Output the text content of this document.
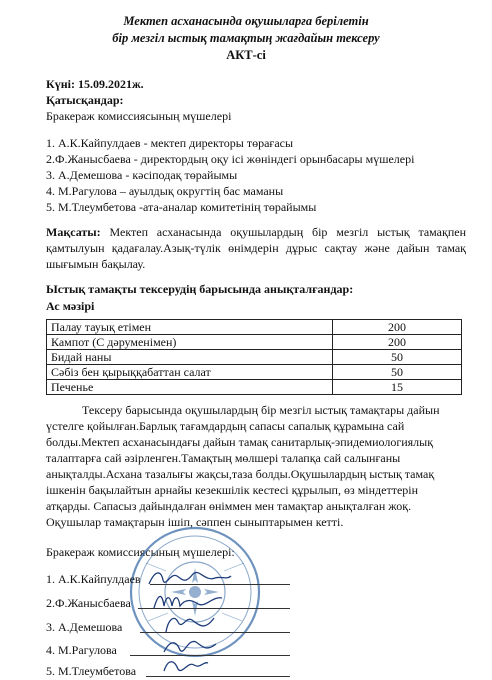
Мектеп асханасында оқушыларға берілетін
бір мезгіл ыстық тамақтың жағдайын тексеру
АКТ-сі
Күні: 15.09.2021ж.
Қатысқандар:
Бракераж комиссиясының мүшелері
1. А.К.Кайпулдаев - мектеп директоры төрағасы
2.Ф.Жанысбаева - директордың оқу ісі жөніндегі орынбасары мүшелері
3. А.Демешова - кәсіподақ төрайымы
4. М.Рагулова – ауылдық округтің бас маманы
5. М.Тлеумбетова -ата-аналар комитетінің төрайымы
Мақсаты: Мектеп асханасында оқушылардың бір мезгіл ыстық тамақпен қамтылуын қадағалау.Азық-түлік өнімдерін дұрыс сақтау және дайын тамақ шығымын бақылау.
Ыстық тамақты тексерудің барысында анықталғандар:
Ас мәзірі
Палау тауық етімен	200
Кампот (С дәруменімен)	200
Бидай наны	50
Сәбіз бен қырыққабаттан салат	50
Печенье	15
Тексеру барысында оқушылардың бір мезгіл ыстық тамақтары дайын
үстелге қойылған.Барлық тағамдардың сапасы сапалық құрамына сай
болды.Мектеп асханасындағы дайын тамақ санитарлық-эпидемиологиялық
талаптарға сай әзірленген.Тамақтың мөлшері талапқа сай салынғаны
анықталды.Асхана тазалығы жақсы,таза болды.Оқушылардың ыстық тамақ
ішкенін бақылайтын арнайы кезекшілік кестесі құрылып, өз міндеттерін
атқарды. Сапасыз дайындалған өніммен мен тамақтар анықталған жоқ.
Оқушылар тамақтарын ішіп, сәппен сыныптарымен кетті.
Бракераж комиссиясының мүшелері:
1. А.К.Кайпулдаев
2.Ф.Жанысбаева
3. А.Демешова
4. М.Рагулова
5. М.Тлеумбетова
